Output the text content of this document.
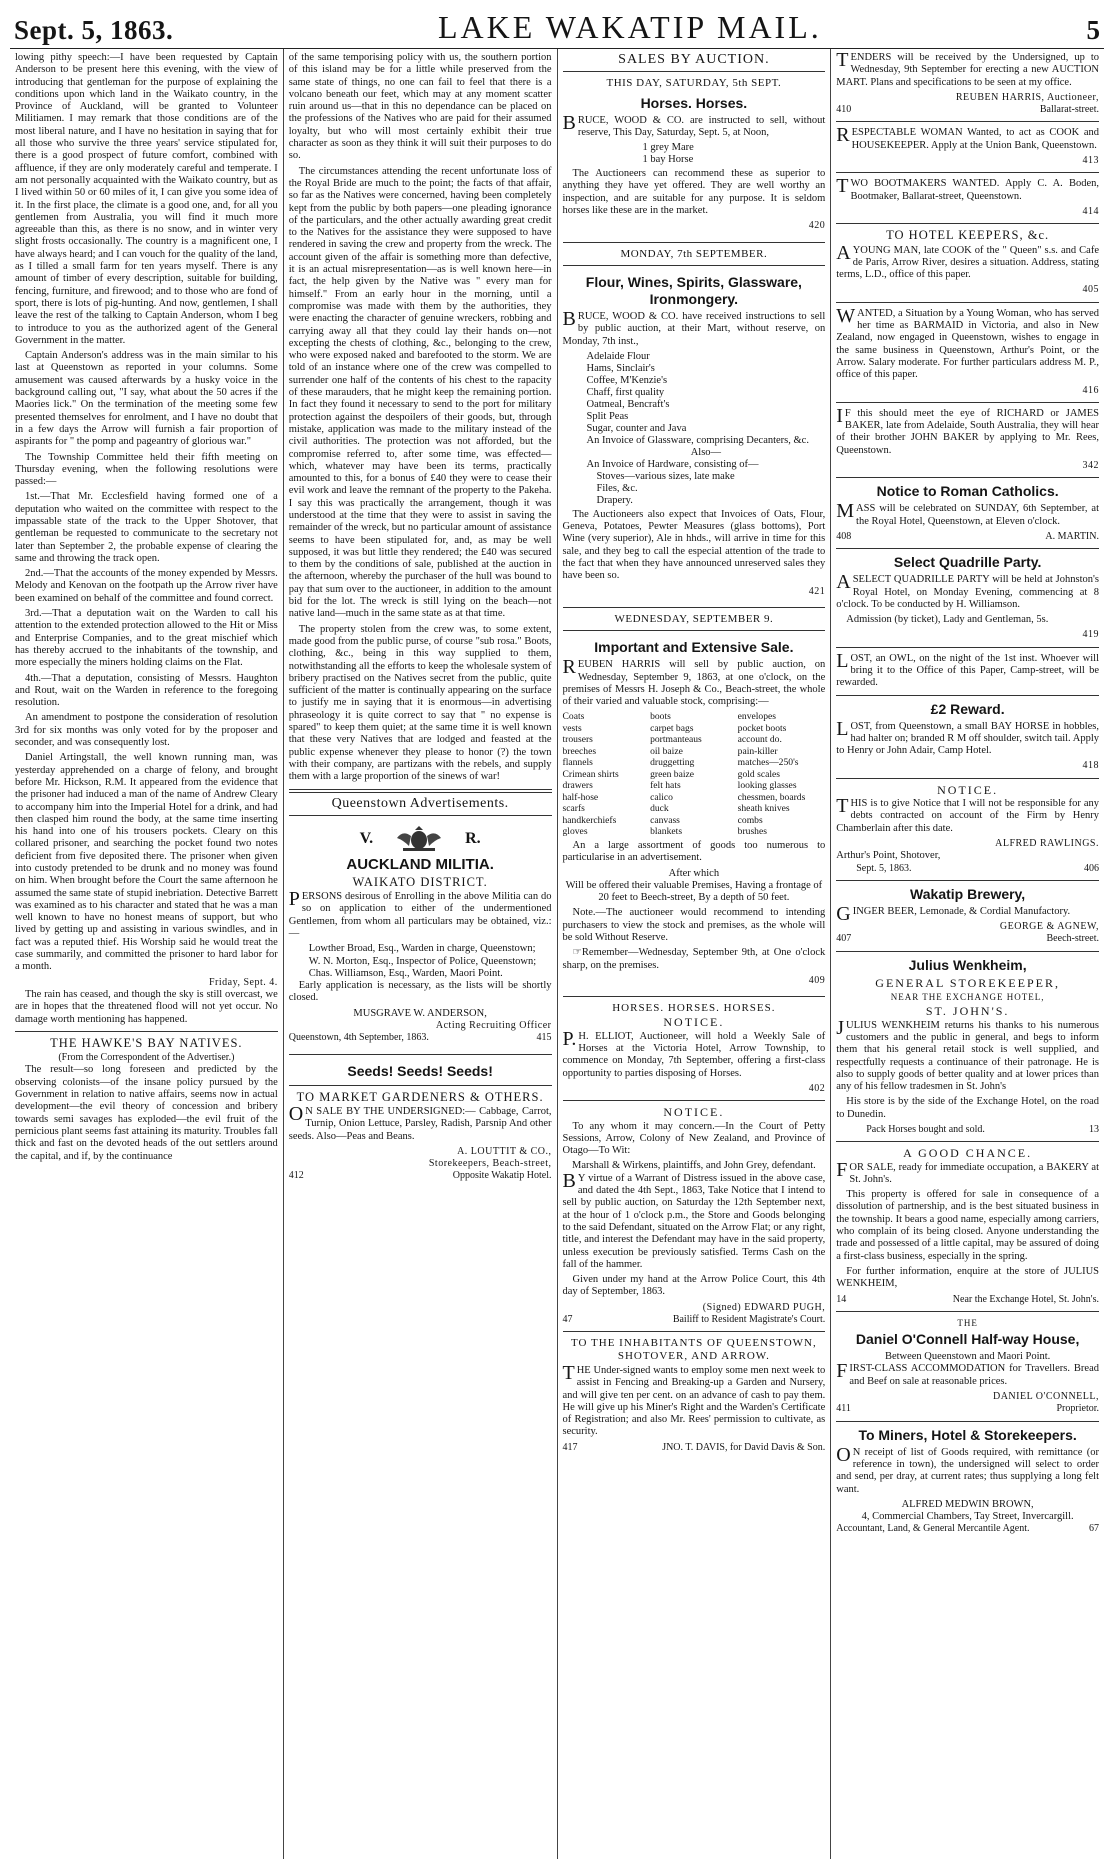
Sept. 5, 1863.	LAKE WAKATIP MAIL.	5

lowing pithy speech:—I have been requested by Captain Anderson to be present here this evening, with the view of introducing that gentleman for the purpose of explaining the conditions upon which land in the Waikato country, in the Province of Auckland, will be granted to Volunteer Militiamen. I may remark that those conditions are of the most liberal nature, and I have no hesitation in saying that for all those who survive the three years' service stipulated for, there is a good prospect of future comfort, combined with affluence, if they are only moderately careful and temperate. I am not personally acquainted with the Waikato country, but as I lived within 50 or 60 miles of it, I can give you some idea of it. In the first place, the climate is a good one, and, for all you gentlemen from Australia, you will find it much more agreeable than this, as there is no snow, and in winter very slight frosts occasionally. The country is a magnificent one, I have always heard; and I can vouch for the quality of the land, as I tilled a small farm for ten years myself. There is any amount of timber of every description, suitable for building, fencing, furniture, and firewood; and to those who are fond of sport, there is lots of pig-hunting. And now, gentlemen, I shall leave the rest of the talking to Captain Anderson, whom I beg to introduce to you as the authorized agent of the General Government in the matter.

Captain Anderson's address was in the main similar to his last at Queenstown as reported in your columns. Some amusement was caused afterwards by a husky voice in the background calling out, "I say, what about the 50 acres if the Maories lick." On the termination of the meeting some few presented themselves for enrolment, and I have no doubt that in a few days the Arrow will furnish a fair proportion of aspirants for " the pomp and pageantry of glorious war."

The Township Committee held their fifth meeting on Thursday evening, when the following resolutions were passed:—

1st.—That Mr. Ecclesfield having formed one of a deputation who waited on the committee with respect to the impassable state of the track to the Upper Shotover, that gentleman be requested to communicate to the secretary not later than September 2, the probable expense of clearing the same and throwing the track open.

2nd.—That the accounts of the money expended by Messrs. Melody and Kenovan on the footpath up the Arrow river have been examined on behalf of the committee and found correct.

3rd.—That a deputation wait on the Warden to call his attention to the extended protection allowed to the Hit or Miss and Enterprise Companies, and to the great mischief which has thereby accrued to the inhabitants of the township, and more especially the miners holding claims on the Flat.

4th.—That a deputation, consisting of Messrs. Haughton and Rout, wait on the Warden in reference to the foregoing resolution.

An amendment to postpone the consideration of resolution 3rd for six months was only voted for by the proposer and seconder, and was consequently lost.

Daniel Artingstall, the well known running man, was yesterday apprehended on a charge of felony, and brought before Mr. Hickson, R.M. It appeared from the evidence that the prisoner had induced a man of the name of Andrew Cleary to accompany him into the Imperial Hotel for a drink, and had then clasped him round the body, at the same time inserting his hand into one of his trousers pockets. Cleary on this collared prisoner, and searching the pocket found two notes deficient from five deposited there. The prisoner when given into custody pretended to be drunk and no money was found on him. When brought before the Court the same afternoon he assumed the same state of stupid inebriation. Detective Barrett was examined as to his character and stated that he was a man well known to have no honest means of support, but who lived by getting up and assisting in various swindles, and in fact was a reputed thief. His Worship said he would treat the case summarily, and committed the prisoner to hard labor for a month.

Friday, Sept. 4.

The rain has ceased, and though the sky is still overcast, we are in hopes that the threatened flood will not yet occur. No damage worth mentioning has happened.

THE HAWKE'S BAY NATIVES.
(From the Correspondent of the Advertiser.)

The result—so long foreseen and predicted by the observing colonists—of the insane policy pursued by the Government in relation to native affairs, seems now in actual development—the evil theory of concession and bribery towards semi savages has exploded—the evil fruit of the pernicious plant seems fast attaining its maturity. Troubles fall thick and fast on the devoted heads of the out settlers around the capital, and if, by the continuance

of the same temporising policy with us, the southern portion of this island may be for a little while preserved from the same state of things, no one can fail to feel that there is a volcano beneath our feet, which may at any moment scatter ruin around us—that in this no dependance can be placed on the professions of the Natives who are paid for their assumed loyalty, but who will most certainly exhibit their true character as soon as they think it will suit their purposes to do so.

The circumstances attending the recent unfortunate loss of the Royal Bride are much to the point; the facts of that affair, so far as the Natives were concerned, having been completely kept from the public by both papers—one pleading ignorance of the particulars, and the other actually awarding great credit to the Natives for the assistance they were supposed to have rendered in saving the crew and property from the wreck. The account given of the affair is something more than defective, it is an actual misrepresentation—as is well known here—in fact, the help given by the Native was " every man for himself." From an early hour in the morning, until a compromise was made with them by the authorities, they were enacting the character of genuine wreckers, robbing and carrying away all that they could lay their hands on—not excepting the chests of clothing, &c., belonging to the crew, who were exposed naked and barefooted to the storm. We are told of an instance where one of the crew was compelled to surrender one half of the contents of his chest to the rapacity of these marauders, that he might keep the remaining portion. In fact they found it necessary to send to the port for military protection against the despoilers of their goods, but, through mistake, application was made to the military instead of the civil authorities. The protection was not afforded, but the compromise referred to, after some time, was effected—which, whatever may have been its terms, practically amounted to this, for a bonus of £40 they were to cease their evil work and leave the remnant of the property to the Pakeha. I say this was practically the arrangement, though it was understood at the time that they were to assist in saving the remainder of the wreck, but no particular amount of assistance seems to have been stipulated for, and, as may be well supposed, it was but little they rendered; the £40 was secured to them by the conditions of sale, published at the auction in the afternoon, whereby the purchaser of the hull was bound to pay that sum over to the auctioneer, in addition to the amount bid for the lot. The wreck is still lying on the beach—not native land—much in the same state as at that time.

The property stolen from the crew was, to some extent, made good from the public purse, of course "sub rosa." Boots, clothing, &c., being in this way supplied to them, notwithstanding all the efforts to keep the wholesale system of bribery practised on the Natives secret from the public, quite sufficient of the matter is continually appearing on the surface to justify me in saying that it is enormous—in advertising phraseology it is quite correct to say that " no expense is spared" to keep them quiet; at the same time it is well known that these very Natives that are lodged and feasted at the public expense whenever they please to honor (?) the town with their company, are partizans with the rebels, and supply them with a large proportion of the sinews of war!

Queenstown Advertisements.
V.	R.
AUCKLAND MILITIA.
WAIKATO DISTRICT.

PERSONS desirous of Enrolling in the above Militia can do so on application to either of the undermentioned Gentlemen, from whom all particulars may be obtained, viz.:—

Lowther Broad, Esq., Warden in charge, Queenstown;
W. N. Morton, Esq., Inspector of Police, Queenstown;
Chas. Williamson, Esq., Warden, Maori Point.

Early application is necessary, as the lists will be shortly closed.

MUSGRAVE W. ANDERSON,
Acting Recruiting Officer
Queenstown, 4th September, 1863.	415
Seeds! Seeds! Seeds!
TO MARKET GARDENERS & OTHERS.

ON SALE BY THE UNDERSIGNED:— Cabbage, Carrot, Turnip, Onion Lettuce, Parsley, Radish, Parsnip And other seeds. Also—Peas and Beans.

A. LOUTTIT & CO.,
Storekeepers, Beach-street,
412	Opposite Wakatip Hotel.
SALES BY AUCTION.
THIS DAY, SATURDAY, 5th SEPT.
Horses. Horses.

BRUCE, WOOD & CO. are instructed to sell, without reserve, This Day, Saturday, Sept. 5, at Noon,

1 grey Mare
1 bay Horse

The Auctioneers can recommend these as superior to anything they have yet offered. They are well worthy an inspection, and are suitable for any purpose. It is seldom horses like these are in the market.

420
MONDAY, 7th SEPTEMBER.
Flour, Wines, Spirits, Glassware, Ironmongery.

BRUCE, WOOD & CO. have received instructions to sell by public auction, at their Mart, without reserve, on Monday, 7th inst.,

Adelaide Flour
Hams, Sinclair's
Coffee, M'Kenzie's
Chaff, first quality
Oatmeal, Bencraft's
Split Peas
Sugar, counter and Java
An Invoice of Glassware, comprising Decanters, &c.
Also—
An Invoice of Hardware, consisting of—
Stoves—various sizes, late make
Files, &c.
Drapery.

The Auctioneers also expect that Invoices of Oats, Flour, Geneva, Potatoes, Pewter Measures (glass bottoms), Port Wine (very superior), Ale in hhds., will arrive in time for this sale, and they beg to call the especial attention of the trade to the fact that when they have announced unreserved sales they have been so.

421
WEDNESDAY, SEPTEMBER 9.
Important and Extensive Sale.

REUBEN HARRIS will sell by public auction, on Wednesday, September 9, 1863, at one o'clock, on the premises of Messrs H. Joseph & Co., Beach-street, the whole of their varied and valuable stock, comprising:—

Coats	boots	envelopes
vests	carpet bags	pocket boots
trousers	portmanteaus	account do.
breeches	oil baize	pain-killer
flannels	druggetting	matches—250's
Crimean shirts	green baize	gold scales
drawers	felt hats	looking glasses
half-hose	calico	chessmen, boards
scarfs	duck	sheath knives
handkerchiefs	canvass	combs
gloves	blankets	brushes

An a large assortment of goods too numerous to particularise in an advertisement.

After which

Will be offered their valuable Premises, Having a frontage of 20 feet to Beech-street, By a depth of 50 feet.

Note.—The auctioneer would recommend to intending purchasers to view the stock and premises, as the whole will be sold Without Reserve.

☞Remember—Wednesday, September 9th, at One o'clock sharp, on the premises.

409
HORSES. HORSES. HORSES.
NOTICE.

P.H. ELLIOT, Auctioneer, will hold a Weekly Sale of Horses at the Victoria Hotel, Arrow Township, to commence on Monday, 7th September, offering a first-class opportunity to parties disposing of Horses.

402
NOTICE.

To any whom it may concern.—In the Court of Petty Sessions, Arrow, Colony of New Zealand, and Province of Otago—To Wit:

Marshall & Wirkens, plaintiffs, and John Grey, defendant.

BY virtue of a Warrant of Distress issued in the above case, and dated the 4th Sept., 1863, Take Notice that I intend to sell by public auction, on Saturday the 12th September next, at the hour of 1 o'clock p.m., the Store and Goods belonging to the said Defendant, situated on the Arrow Flat; or any right, title, and interest the Defendant may have in the said property, unless execution be previously satisfied. Terms Cash on the fall of the hammer.

Given under my hand at the Arrow Police Court, this 4th day of September, 1863.

(Signed) EDWARD PUGH,
47	Bailiff to Resident Magistrate's Court.
TO THE INHABITANTS OF QUEENSTOWN, SHOTOVER, AND ARROW.

THE Under-signed wants to employ some men next week to assist in Fencing and Breaking-up a Garden and Nursery, and will give ten per cent. on an advance of cash to pay them. He will give up his Miner's Right and the Warden's Certificate of Registration; and also Mr. Rees' permission to cultivate, as security.

417	JNO. T. DAVIS, for David Davis & Son.

TENDERS will be received by the Undersigned, up to Wednesday, 9th September for erecting a new AUCTION MART. Plans and specifications to be seen at my office.

REUBEN HARRIS, Auctioneer,
410	Ballarat-street.

RESPECTABLE WOMAN Wanted, to act as COOK and HOUSEKEEPER. Apply at the Union Bank, Queenstown.

413

TWO BOOTMAKERS WANTED. Apply C. A. Boden, Bootmaker, Ballarat-street, Queenstown.

414
TO HOTEL KEEPERS, &c.

AYOUNG MAN, late COOK of the " Queen" s.s. and Cafe de Paris, Arrow River, desires a situation. Address, stating terms, L.D., office of this paper.

405

WANTED, a Situation by a Young Woman, who has served her time as BARMAID in Victoria, and also in New Zealand, now engaged in Queenstown, wishes to engage in the same business in Queenstown, Arthur's Point, or the Arrow. Salary moderate. For further particulars address M. P., office of this paper.

416

IF this should meet the eye of RICHARD or JAMES BAKER, late from Adelaide, South Australia, they will hear of their brother JOHN BAKER by applying to Mr. Rees, Queenstown.

342
Notice to Roman Catholics.

MASS will be celebrated on SUNDAY, 6th September, at the Royal Hotel, Queenstown, at Eleven o'clock.

408	A. MARTIN.
Select Quadrille Party.

ASELECT QUADRILLE PARTY will be held at Johnston's Royal Hotel, on Monday Evening, commencing at 8 o'clock. To be conducted by H. Williamson.

Admission (by ticket), Lady and Gentleman, 5s.

419

LOST, an OWL, on the night of the 1st inst. Whoever will bring it to the Office of this Paper, Camp-street, will be rewarded.

£2 Reward.

LOST, from Queenstown, a small BAY HORSE in hobbles, had halter on; branded R M off shoulder, switch tail. Apply to Henry or John Adair, Camp Hotel.

418
NOTICE.

THIS is to give Notice that I will not be responsible for any debts contracted on account of the Firm by Henry Chamberlain after this date.

ALFRED RAWLINGS.
Arthur's Point, Shotover,
Sept. 5, 1863.	406
Wakatip Brewery,

GINGER BEER, Lemonade, & Cordial Manufactory.

GEORGE & AGNEW,
407	Beech-street.
Julius Wenkheim,
GENERAL STOREKEEPER,
NEAR THE EXCHANGE HOTEL,
ST. JOHN'S.

JULIUS WENKHEIM returns his thanks to his numerous customers and the public in general, and begs to inform them that his general retail stock is well supplied, and respectfully requests a continuance of their patronage. He is also to supply goods of better quality and at lower prices than any of his fellow tradesmen in St. John's

His store is by the side of the Exchange Hotel, on the road to Dunedin.

Pack Horses bought and sold.	13
A GOOD CHANCE.

FOR SALE, ready for immediate occupation, a BAKERY at St. John's.

This property is offered for sale in consequence of a dissolution of partnership, and is the best situated business in the township. It bears a good name, especially among carriers, who complain of its being closed. Anyone understanding the trade and possessed of a little capital, may be assured of doing a first-class business, especially in the spring.

For further information, enquire at the store of JULIUS WENKHEIM,

14	Near the Exchange Hotel, St. John's.
THE
Daniel O'Connell Half-way House,
Between Queenstown and Maori Point.

FIRST-CLASS ACCOMMODATION for Travellers. Bread and Beef on sale at reasonable prices.

DANIEL O'CONNELL,
411	Proprietor.
To Miners, Hotel & Storekeepers.

ON receipt of list of Goods required, with remittance (or reference in town), the undersigned will select to order and send, per dray, at current rates; thus supplying a long felt want.

ALFRED MEDWIN BROWN,
4, Commercial Chambers, Tay Street, Invercargill.
Accountant, Land, & General Mercantile Agent.	67
